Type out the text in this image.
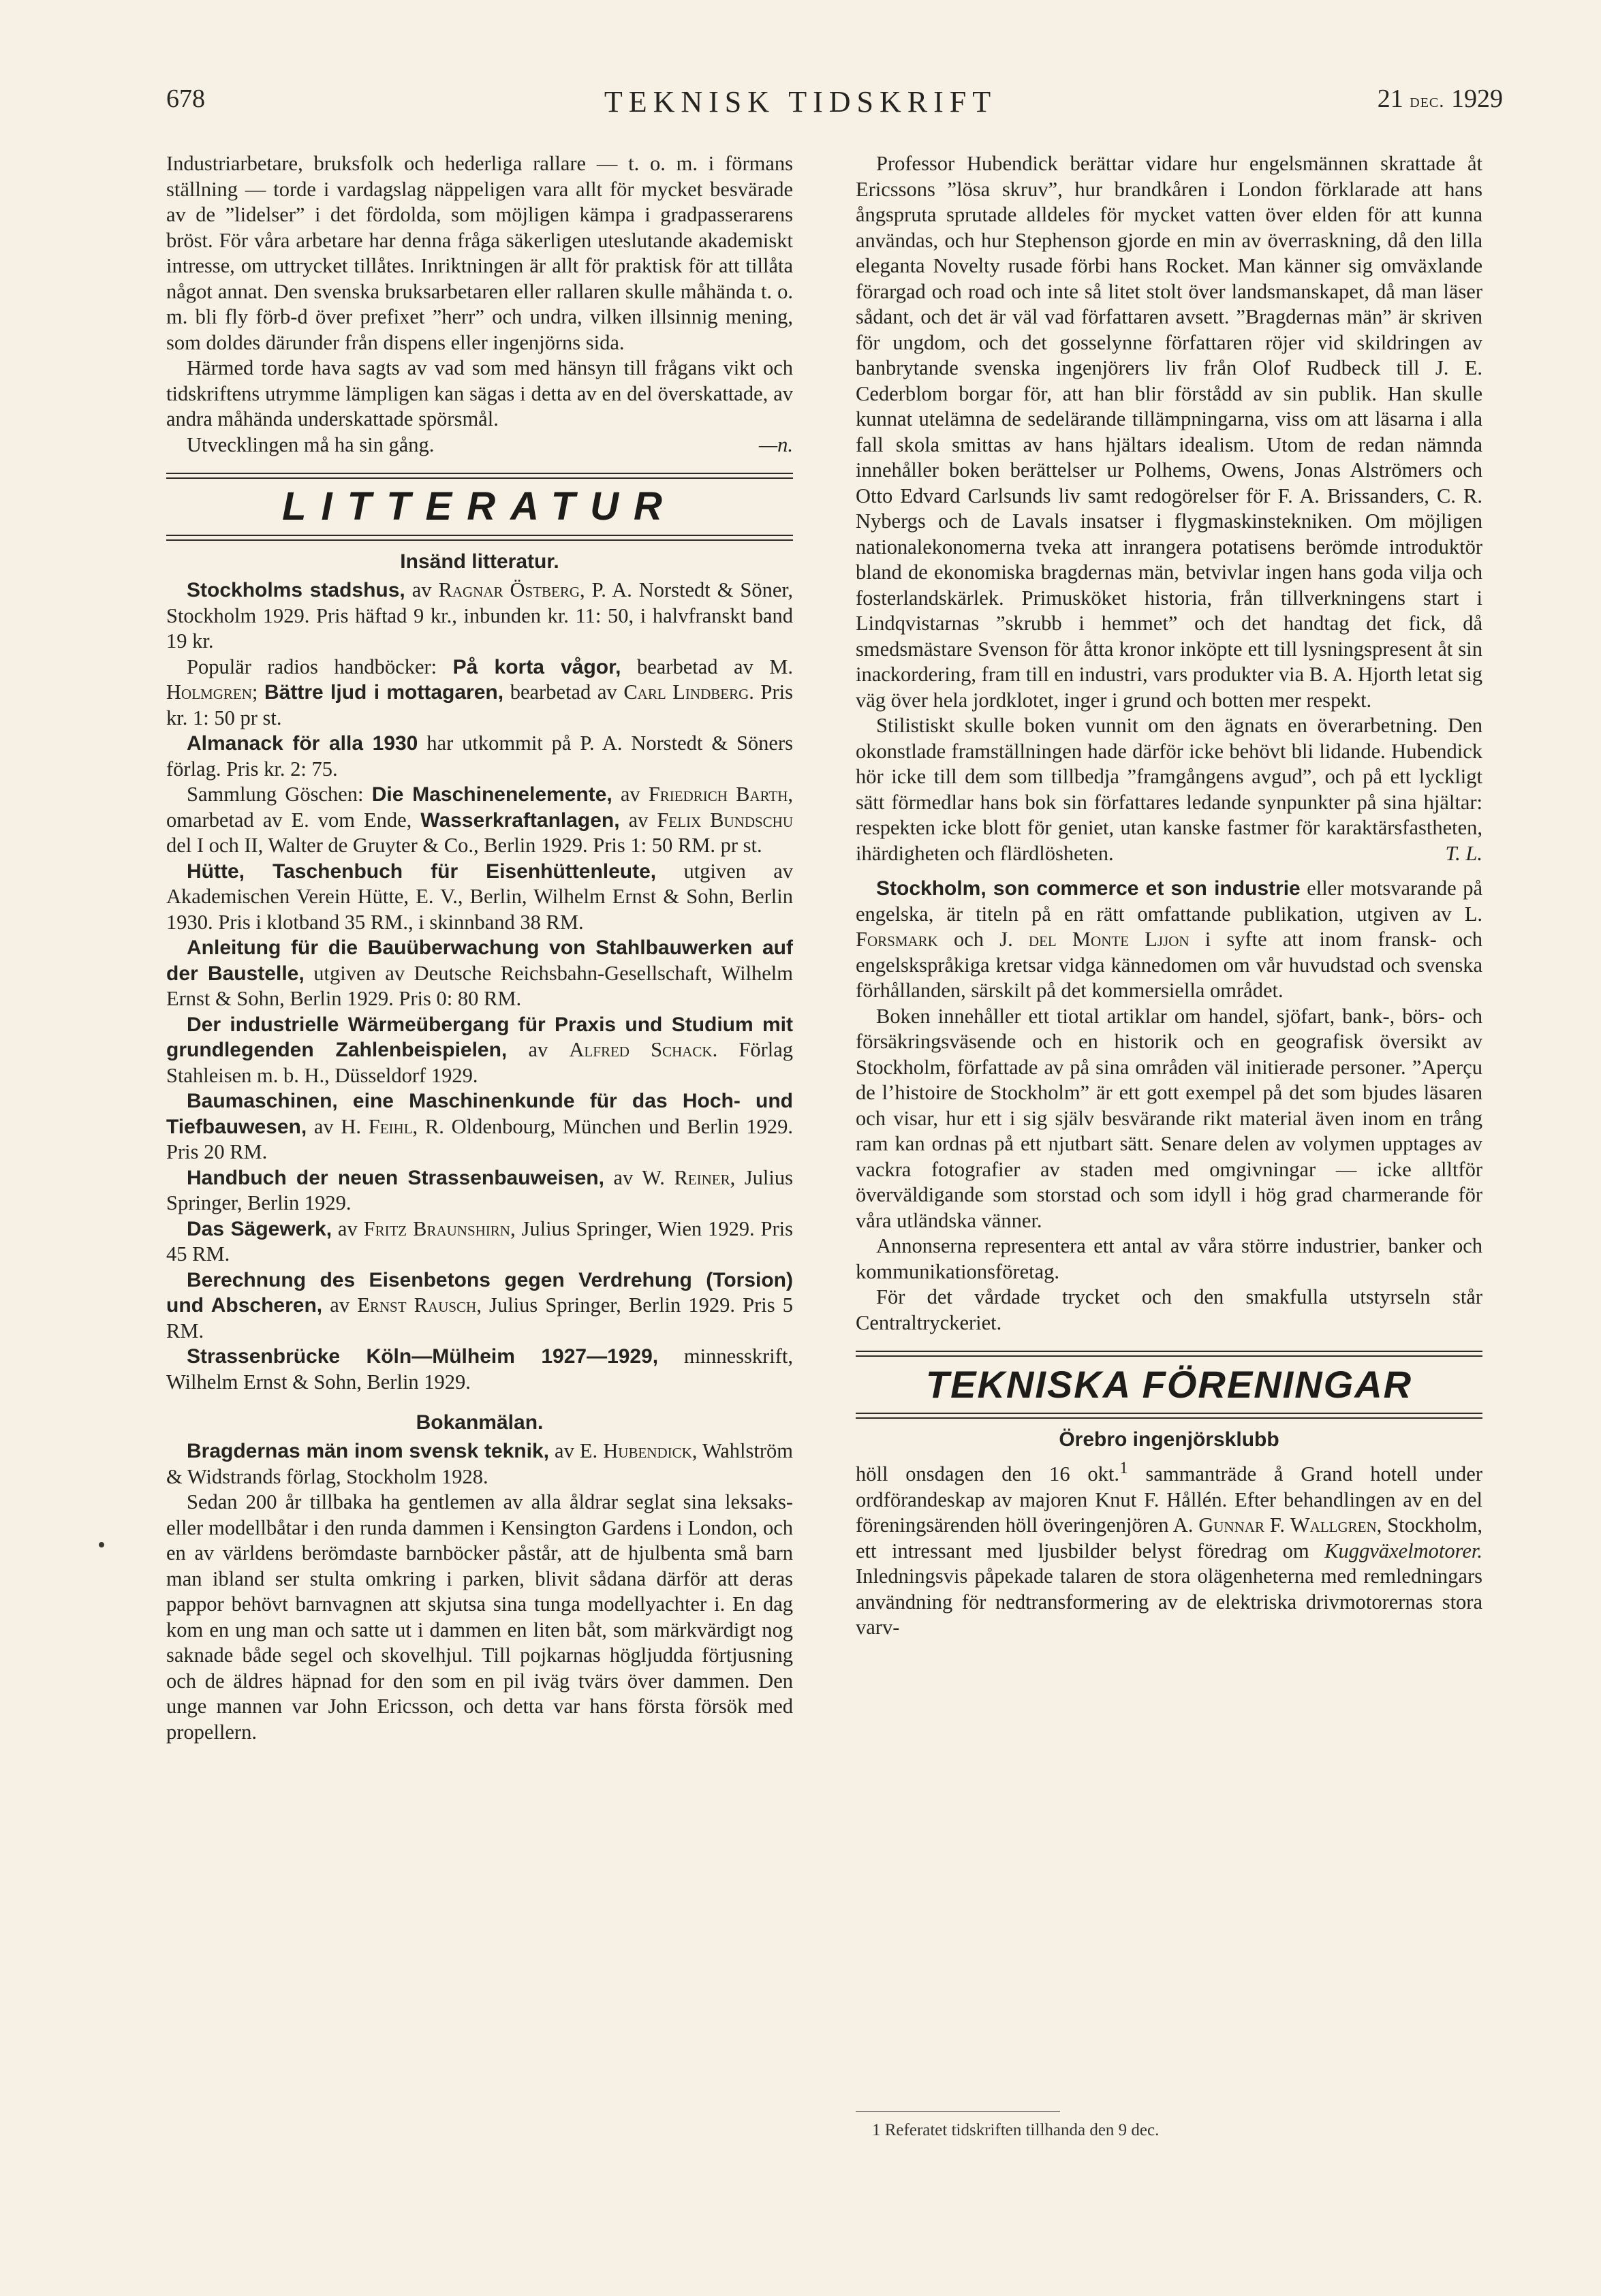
678	TEKNISK TIDSKRIFT	21 dec. 1929

Industriarbetare, bruksfolk och hederliga rallare — t. o. m. i förmans ställning — torde i vardagslag näppeligen vara allt för mycket besvärade av de ”lidelser” i det fördolda, som möjligen kämpa i gradpasserarens bröst. För våra arbetare har denna fråga säkerligen uteslutande akademiskt intresse, om uttrycket tillåtes. Inriktningen är allt för praktisk för att tillåta något annat. Den svenska bruksarbetaren eller rallaren skulle måhända t. o. m. bli fly förb-d över prefixet ”herr” och undra, vilken illsinnig mening, som doldes därunder från dispens eller ingenjörns sida.

Härmed torde hava sagts av vad som med hänsyn till frågans vikt och tidskriftens utrymme lämpligen kan sägas i detta av en del överskattade, av andra måhända underskattade spörsmål.

Utvecklingen må ha sin gång.	—n.

LITTERATUR
Insänd litteratur.

Stockholms stadshus, av Ragnar Östberg, P. A. Norstedt & Söner, Stockholm 1929. Pris häftad 9 kr., inbunden kr. 11: 50, i halvfranskt band 19 kr.

Populär radios handböcker: På korta vågor, bearbetad av M. Holmgren; Bättre ljud i mottagaren, bearbetad av Carl Lindberg. Pris kr. 1: 50 pr st.

Almanack för alla 1930 har utkommit på P. A. Norstedt & Söners förlag. Pris kr. 2: 75.

Sammlung Göschen: Die Maschinenelemente, av Friedrich Barth, omarbetad av E. vom Ende, Wasserkraftanlagen, av Felix Bundschu del I och II, Walter de Gruyter & Co., Berlin 1929. Pris 1: 50 RM. pr st.

Hütte, Taschenbuch für Eisenhüttenleute, utgiven av Akademischen Verein Hütte, E. V., Berlin, Wilhelm Ernst & Sohn, Berlin 1930. Pris i klotband 35 RM., i skinnband 38 RM.

Anleitung für die Bauüberwachung von Stahlbauwerken auf der Baustelle, utgiven av Deutsche Reichsbahn-Gesellschaft, Wilhelm Ernst & Sohn, Berlin 1929. Pris 0: 80 RM.

Der industrielle Wärmeübergang für Praxis und Studium mit grundlegenden Zahlenbeispielen, av Alfred Schack. Förlag Stahleisen m. b. H., Düsseldorf 1929.

Baumaschinen, eine Maschinenkunde für das Hoch- und Tiefbauwesen, av H. Feihl, R. Oldenbourg, München und Berlin 1929. Pris 20 RM.

Handbuch der neuen Strassenbauweisen, av W. Reiner, Julius Springer, Berlin 1929.

Das Sägewerk, av Fritz Braunshirn, Julius Springer, Wien 1929. Pris 45 RM.

Berechnung des Eisenbetons gegen Verdrehung (Torsion) und Abscheren, av Ernst Rausch, Julius Springer, Berlin 1929. Pris 5 RM.

Strassenbrücke Köln—Mülheim 1927—1929, minnesskrift, Wilhelm Ernst & Sohn, Berlin 1929.

Bokanmälan.

Bragdernas män inom svensk teknik, av E. Hubendick, Wahlström & Widstrands förlag, Stockholm 1928.

Sedan 200 år tillbaka ha gentlemen av alla åldrar seglat sina leksaks- eller modellbåtar i den runda dammen i Kensington Gardens i London, och en av världens berömdaste barnböcker påstår, att de hjulbenta små barn man ibland ser stulta omkring i parken, blivit sådana därför att deras pappor behövt barnvagnen att skjutsa sina tunga modellyachter i. En dag kom en ung man och satte ut i dammen en liten båt, som märkvärdigt nog saknade både segel och skovelhjul. Till pojkarnas högljudda förtjusning och de äldres häpnad for den som en pil iväg tvärs över dammen. Den unge mannen var John Ericsson, och detta var hans första försök med propellern.

Professor Hubendick berättar vidare hur engelsmännen skrattade åt Ericssons ”lösa skruv”, hur brandkåren i London förklarade att hans ångspruta sprutade alldeles för mycket vatten över elden för att kunna användas, och hur Stephenson gjorde en min av överraskning, då den lilla eleganta Novelty rusade förbi hans Rocket. Man känner sig omväxlande förargad och road och inte så litet stolt över landsmanskapet, då man läser sådant, och det är väl vad författaren avsett. ”Bragdernas män” är skriven för ungdom, och det gosselynne författaren röjer vid skildringen av banbrytande svenska ingenjörers liv från Olof Rudbeck till J. E. Cederblom borgar för, att han blir förstådd av sin publik. Han skulle kunnat utelämna de sedelärande tillämpningarna, viss om att läsarna i alla fall skola smittas av hans hjältars idealism. Utom de redan nämnda innehåller boken berättelser ur Polhems, Owens, Jonas Alströmers och Otto Edvard Carlsunds liv samt redogörelser för F. A. Brissanders, C. R. Nybergs och de Lavals insatser i flygmaskinstekniken. Om möjligen nationalekonomerna tveka att inrangera potatisens berömde introduktör bland de ekonomiska bragdernas män, betvivlar ingen hans goda vilja och fosterlandskärlek. Primusköket historia, från tillverkningens start i Lindqvistarnas ”skrubb i hemmet” och det handtag det fick, då smedsmästare Svenson för åtta kronor inköpte ett till lysningspresent åt sin inackordering, fram till en industri, vars produkter via B. A. Hjorth letat sig väg över hela jordklotet, inger i grund och botten mer respekt.

Stilistiskt skulle boken vunnit om den ägnats en överarbetning. Den okonstlade framställningen hade därför icke behövt bli lidande. Hubendick hör icke till dem som tillbedja ”framgångens avgud”, och på ett lyckligt sätt förmedlar hans bok sin författares ledande synpunkter på sina hjältar: respekten icke blott för geniet, utan kanske fastmer för karaktärsfastheten, ihärdigheten och flärdlösheten.	T. L.

Stockholm, son commerce et son industrie eller motsvarande på engelska, är titeln på en rätt omfattande publikation, utgiven av L. Forsmark och J. del Monte Ljjon i syfte att inom fransk- och engelskspråkiga kretsar vidga kännedomen om vår huvudstad och svenska förhållanden, särskilt på det kommersiella området.

Boken innehåller ett tiotal artiklar om handel, sjöfart, bank-, börs- och försäkringsväsende och en historik och en geografisk översikt av Stockholm, författade av på sina områden väl initierade personer. ”Aperçu de l’histoire de Stockholm” är ett gott exempel på det som bjudes läsaren och visar, hur ett i sig själv besvärande rikt material även inom en trång ram kan ordnas på ett njutbart sätt. Senare delen av volymen upptages av vackra fotografier av staden med omgivningar — icke alltför överväldigande som storstad och som idyll i hög grad charmerande för våra utländska vänner.

Annonserna representera ett antal av våra större industrier, banker och kommunikationsföretag.

För det vårdade trycket och den smakfulla utstyrseln står Centraltryckeriet.

TEKNISKA FÖRENINGAR
Örebro ingenjörsklubb

höll onsdagen den 16 okt.$^1$ sammanträde å Grand hotell under ordförandeskap av majoren Knut F. Hållén. Efter behandlingen av en del föreningsärenden höll överingenjören A. Gunnar F. Wallgren, Stockholm, ett intressant med ljusbilder belyst föredrag om Kuggväxelmotorer. Inledningsvis påpekade talaren de stora olägenheterna med remledningars användning för nedtransformering av de elektriska drivmotorernas stora varv-

1 Referatet tidskriften tillhanda den 9 dec.
